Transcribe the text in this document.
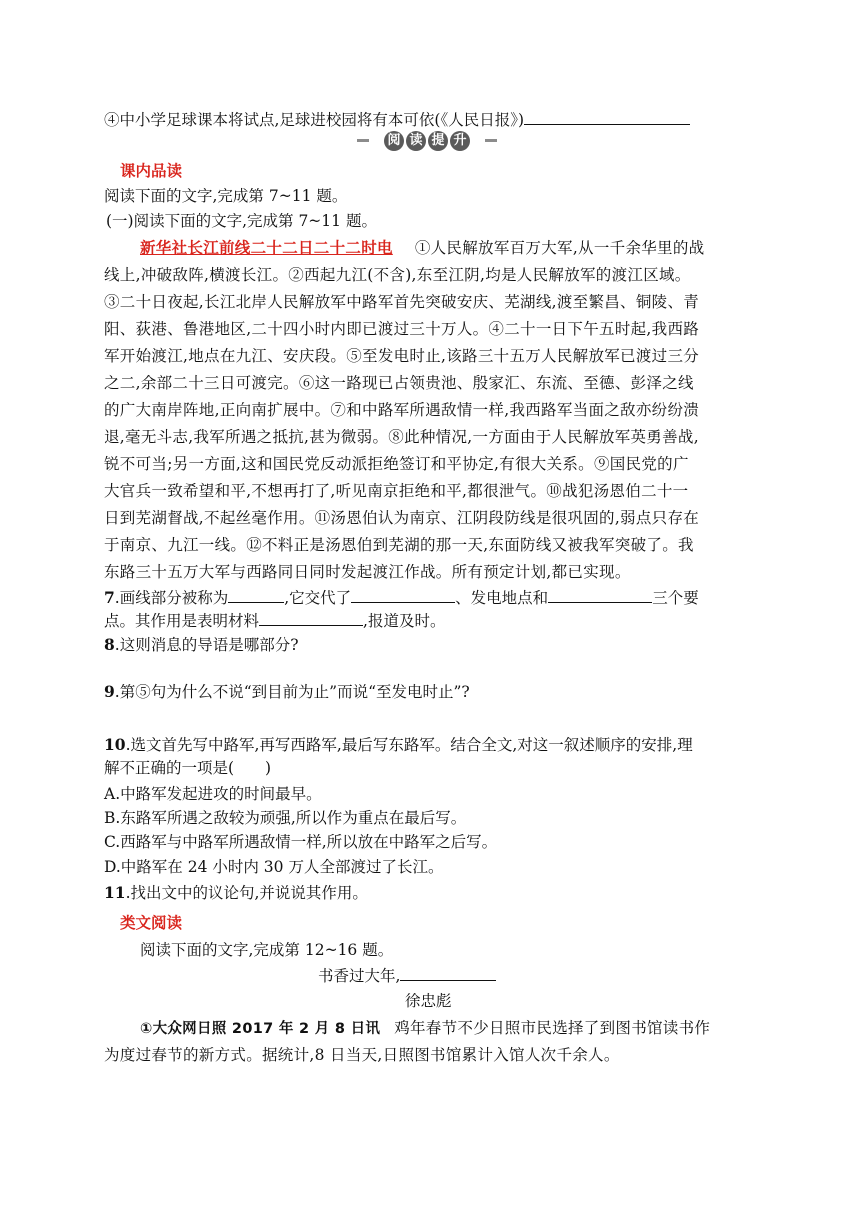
④中小学足球课本将试点,足球进校园将有本可依(《人民日报》)
阅 读 提 升
课内品读
阅读下面的文字,完成第 7~11 题。
(一)阅读下面的文字,完成第 7~11 题。
新华社长江前线二十二日二十二时电 ①人民解放军百万大军,从一千余华里的战
线上,冲破敌阵,横渡长江。②西起九江(不含),东至江阴,均是人民解放军的渡江区域。
③二十日夜起,长江北岸人民解放军中路军首先突破安庆、芜湖线,渡至繁昌、铜陵、青
阳、荻港、鲁港地区,二十四小时内即已渡过三十万人。④二十一日下午五时起,我西路
军开始渡江,地点在九江、安庆段。⑤至发电时止,该路三十五万人民解放军已渡过三分
之二,余部二十三日可渡完。⑥这一路现已占领贵池、殷家汇、东流、至德、彭泽之线
的广大南岸阵地,正向南扩展中。⑦和中路军所遇敌情一样,我西路军当面之敌亦纷纷溃
退,毫无斗志,我军所遇之抵抗,甚为微弱。⑧此种情况,一方面由于人民解放军英勇善战,
锐不可当;另一方面,这和国民党反动派拒绝签订和平协定,有很大关系。⑨国民党的广
大官兵一致希望和平,不想再打了,听见南京拒绝和平,都很泄气。⑩战犯汤恩伯二十一
日到芜湖督战,不起丝毫作用。⑪汤恩伯认为南京、江阴段防线是很巩固的,弱点只存在
于南京、九江一线。⑫不料正是汤恩伯到芜湖的那一天,东面防线又被我军突破了。我
东路三十五万大军与西路同日同时发起渡江作战。所有预定计划,都已实现。
7.画线部分被称为	,它交代了	、发电地点和	三个要
点。其作用是表明材料	,报道及时。
8.这则消息的导语是哪部分?
9.第⑤句为什么不说“到目前为止”而说“至发电时止”?
10.选文首先写中路军,再写西路军,最后写东路军。结合全文,对这一叙述顺序的安排,理
解不正确的一项是(　　)
A.中路军发起进攻的时间最早。
B.东路军所遇之敌较为顽强,所以作为重点在最后写。
C.西路军与中路军所遇敌情一样,所以放在中路军之后写。
D.中路军在 24 小时内 30 万人全部渡过了长江。
11.找出文中的议论句,并说说其作用。
类文阅读
阅读下面的文字,完成第 12~16 题。
书香过大年,
徐忠彪
①大众网日照 2017 年 2 月 8 日讯 鸡年春节不少日照市民选择了到图书馆读书作
为度过春节的新方式。据统计,8 日当天,日照图书馆累计入馆人次千余人。
